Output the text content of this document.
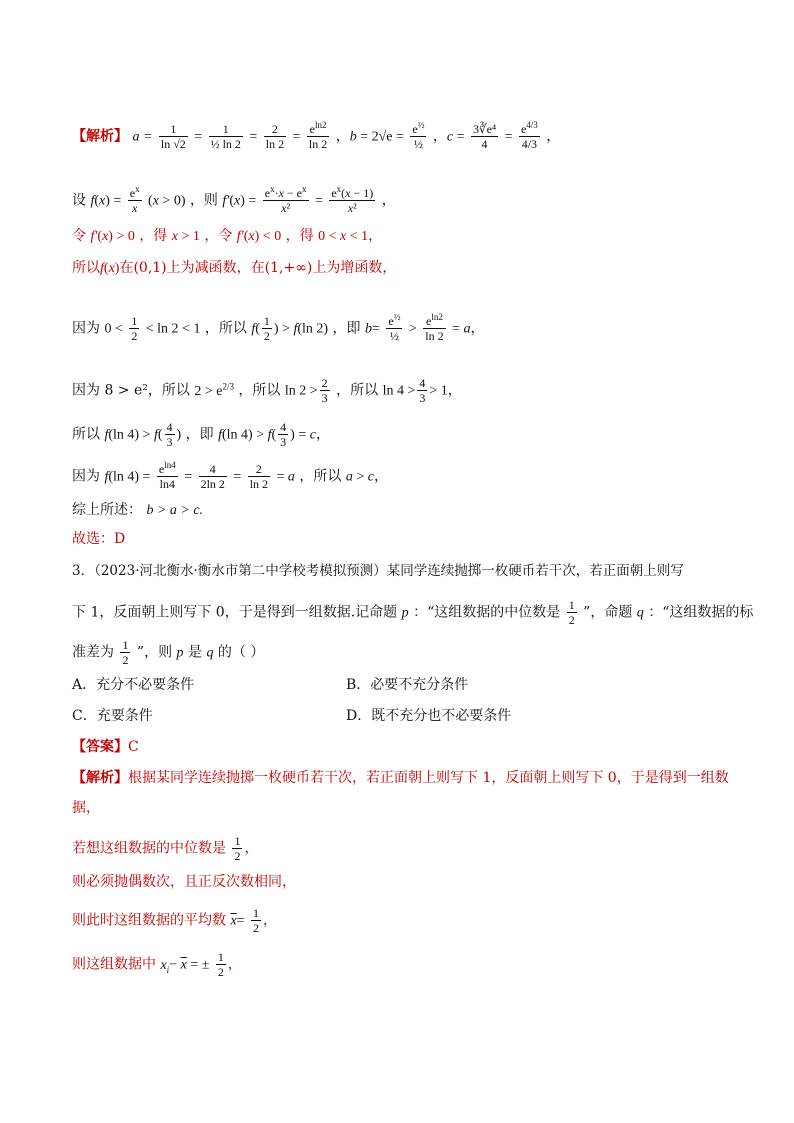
【解析】 $a = \frac{1}{\ln √2} = \frac{1}{\text{½ ln 2}} = \frac{2}{\ln 2} = \frac{e^{ln2}}{\ln 2}$ ，$b = 2√e = \frac{e^{\frac{1}{2}}}{\text{½}}$ ，$c = \frac{\text{3∛e⁴}}{4} = \frac{e^{4/3}}{4/3}$ ，
设 $f(x) = \frac{e^x}{x} (x > 0)$ ，则 $f'(x) = \frac{e^x\cdot x - e^x}{\text{x²}} = \frac{e^x(x - 1)}{\text{x²}}$ ，
令 f′(x) > 0 ，得 x > 1 ，令 f′(x) < 0 ，得 0 < x < 1，
所以f(x)在(0,1)上为减函数，在(1,+∞)上为增函数，
因为 $0 < \frac{1}{2} < \ln 2 < 1$ ，所以 $f( \frac{1}{2}$ ) > f(ln 2) ，即 $b= \frac{e^{\frac{1}{2}}}{\text{½}} > \frac{e^{ln2}}{\ln 2} = a$，
因为 8 > e²，所以 $2 > e^{2/3}$ ，所以 $\ln 2 > \frac{2}{3}$ ，所以 $\ln 4 > \frac{4}{3} > 1$，
所以 f(ln $4) > f( \frac{4}{3}$ ) ，即 f(ln $4) > f( \frac{4}{3}$ ) = c，
因为 f(ln $4) = \frac{e^{ln4}}{\ln 4} = \frac{4}{2\ln 2} = \frac{2}{\ln 2} = a$ ，所以 a > c，
综上所述： b > a > c.
故选：D
3．（2023·河北衡水·衡水市第二中学校考模拟预测）某同学连续抛掷一枚硬币若干次，若正面朝上则写
下 1，反面朝上则写下 0，于是得到一组数据.记命题 p ：“这组数据的中位数是 $\frac{1}{2}$ ”，命题 q ：“这组数据的标
准差为 $\frac{1}{2}$ ”，则 p 是 q 的（ ）
A．充分不必要条件	B．必要不充分条件
C．充要条件	D．既不充分也不必要条件
【答案】C
【解析】根据某同学连续抛掷一枚硬币若干次，若正面朝上则写下 1，反面朝上则写下 0，于是得到一组数
据，
若想这组数据的中位数是 $\frac{1}{2}$ ，
则必须抛偶数次，且正反次数相同，
则此时这组数据的平均数 $\overline{x}= \frac{1}{2}$ ，
则这组数据中 $x_i- \overline{x}$ = ± $\frac{1}{2}$ ，
